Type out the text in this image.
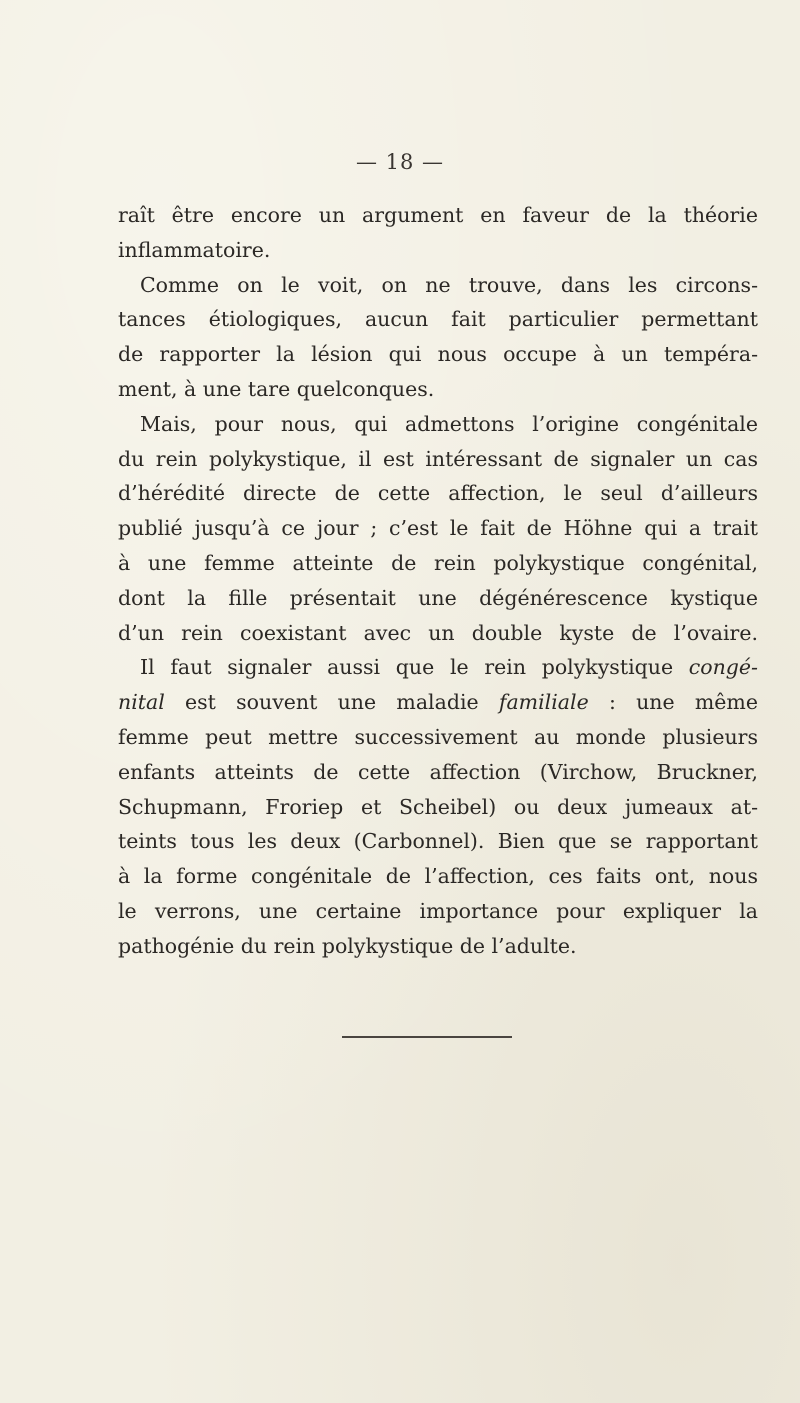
— 18 —
raît être encore un argument en faveur de la théorie
inflammatoire.
Comme on le voit, on ne trouve, dans les circons-
tances étiologiques, aucun fait particulier permettant
de rapporter la lésion qui nous occupe à un tempéra-
ment, à une tare quelconques.
Mais, pour nous, qui admettons l’origine congénitale
du rein polykystique, il est intéressant de signaler un cas
d’hérédité directe de cette affection, le seul d’ailleurs
publié jusqu’à ce jour ; c’est le fait de Höhne qui a trait
à une femme atteinte de rein polykystique congénital,
dont la fille présentait une dégénérescence kystique
d’un rein coexistant avec un double kyste de l’ovaire.
Il faut signaler aussi que le rein polykystique congé-
nital est souvent une maladie familiale : une même
femme peut mettre successivement au monde plusieurs
enfants atteints de cette affection (Virchow, Bruckner,
Schupmann, Froriep et Scheibel) ou deux jumeaux at-
teints tous les deux (Carbonnel). Bien que se rapportant
à la forme congénitale de l’affection, ces faits ont, nous
le verrons, une certaine importance pour expliquer la
pathogénie du rein polykystique de l’adulte.
